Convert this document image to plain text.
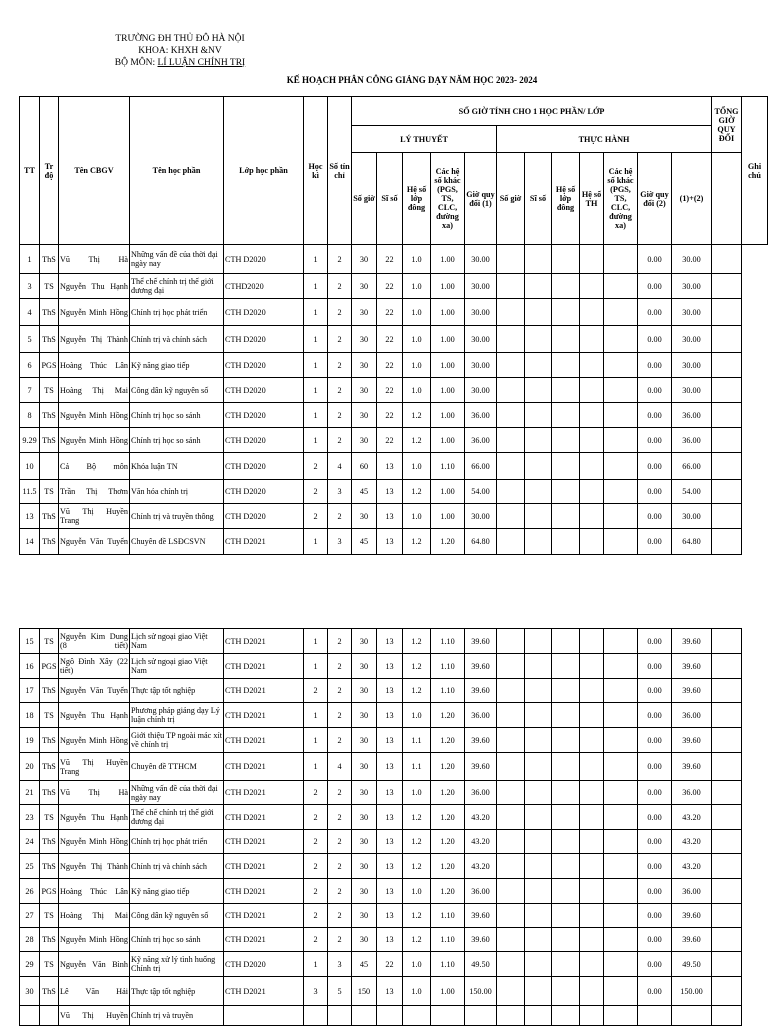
TRƯỜNG ĐH THỦ ĐÔ HÀ NỘI
KHOA: KHXH &NV
BỘ MÔN: LÍ LUẬN CHÍNH TRỊ
KẾ HOẠCH PHÂN CÔNG GIẢNG DẠY NĂM HỌC 2023- 2024
TT	Tr độ	Tên CBGV	Tên học phần	Lớp học phần	Học kì	Số tín chỉ	SỐ GIỜ TÍNH CHO 1 HỌC PHẦN/ LỚP												TỔNG GIỜ QUY ĐỔI	Ghi chú
							LÝ THUYẾT					THỰC HÀNH								
							Số giờ	Sĩ số	Hệ số lớp đông	Các hệ số khác (PGS, TS, CLC, đường xa)	Giờ quy đổi (1)	Số giờ	Sĩ số	Hệ số lớp đông	Hệ số TH	Các hệ số khác (PGS, TS, CLC, đường xa)	Giờ quy đổi (2)	(1)+(2)		
1	ThS	Vũ Thị Hà	Những vấn đề của thời đại ngày nay	CTH D2020	1	2	30	22	1.0	1.00	30.00						0.00	30.00		
3	TS	Nguyễn Thu Hạnh	Thể chế chính trị thế giới đương đại	CTHD2020	1	2	30	22	1.0	1.00	30.00						0.00	30.00		
4	ThS	Nguyễn Minh Hồng	Chính trị học phát triển	CTH D2020	1	2	30	22	1.0	1.00	30.00						0.00	30.00		
5	ThS	Nguyễn Thị Thành	Chính trị và chính sách	CTH D2020	1	2	30	22	1.0	1.00	30.00						0.00	30.00		
6	PGS	Hoàng Thúc Lân	Kỹ năng giao tiếp	CTH D2020	1	2	30	22	1.0	1.00	30.00						0.00	30.00		
7	TS	Hoàng Thị Mai	Công dân kỹ nguyên số	CTH D2020	1	2	30	22	1.0	1.00	30.00						0.00	30.00		
8	ThS	Nguyễn Minh Hồng	Chính trị học so sánh	CTH D2020	1	2	30	22	1.2	1.00	36.00						0.00	36.00		
9.29	ThS	Nguyễn Minh Hồng	Chính trị học so sánh	CTH D2020	1	2	30	22	1.2	1.00	36.00						0.00	36.00		
10		Cả Bộ môn	Khóa luận TN	CTH D2020	2	4	60	13	1.0	1.10	66.00						0.00	66.00		
11.5	TS	Trần Thị Thơm	Văn hóa chính trị	CTH D2020	2	3	45	13	1.2	1.00	54.00						0.00	54.00		
13	ThS	Vũ Thị Huyền Trang	Chính trị và truyền thông	CTH D2020	2	2	30	13	1.0	1.00	30.00						0.00	30.00		
14	ThS	Nguyễn Văn Tuyến	Chuyên đề LSĐCSVN	CTH D2021	1	3	45	13	1.2	1.20	64.80						0.00	64.80		
15	TS	Nguyễn Kim Dung (8 tiết)	Lịch sử ngoại giao Việt Nam	CTH D2021	1	2	30	13	1.2	1.10	39.60						0.00	39.60	
16	PGS	Ngô Đình Xây (22 tiết)	Lịch sử ngoại giao Việt Nam	CTH D2021	1	2	30	13	1.2	1.10	39.60						0.00	39.60	
17	ThS	Nguyễn Văn Tuyến	Thực tập tốt nghiệp	CTH D2021	2	2	30	13	1.2	1.10	39.60						0.00	39.60	
18	TS	Nguyễn Thu Hạnh	Phương pháp giảng dạy Lý luận chính trị	CTH D2021	1	2	30	13	1.0	1.20	36.00						0.00	36.00	
19	ThS	Nguyễn Minh Hồng	Giới thiệu TP ngoài mác xít về chính trị	CTH D2021	1	2	30	13	1.1	1.20	39.60						0.00	39.60	
20	ThS	Vũ Thị Huyền Trang	Chuyên đề TTHCM	CTH D2021	1	4	30	13	1.1	1.20	39.60						0.00	39.60	
21	ThS	Vũ Thị Hà	Những vấn đề của thời đại ngày nay	CTH D2021	2	2	30	13	1.0	1.20	36.00						0.00	36.00	
23	TS	Nguyễn Thu Hạnh	Thể chế chính trị thế giới đương đại	CTH D2021	2	2	30	13	1.2	1.20	43.20						0.00	43.20	
24	ThS	Nguyễn Minh Hồng	Chính trị học phát triển	CTH D2021	2	2	30	13	1.2	1.20	43.20						0.00	43.20	
25	ThS	Nguyễn Thị Thành	Chính trị và chính sách	CTH D2021	2	2	30	13	1.2	1.20	43.20						0.00	43.20	
26	PGS	Hoàng Thúc Lân	Kỹ năng giao tiếp	CTH D2021	2	2	30	13	1.0	1.20	36.00						0.00	36.00	
27	TS	Hoàng Thị Mai	Công dân kỹ nguyên số	CTH D2021	2	2	30	13	1.2	1.10	39.60						0.00	39.60	
28	ThS	Nguyễn Minh Hồng	Chính trị học so sánh	CTH D2021	2	2	30	13	1.2	1.10	39.60						0.00	39.60	
29	TS	Nguyễn Văn Bình	Kỹ năng xử lý tình huống Chính trị	CTH D2020	1	3	45	22	1.0	1.10	49.50						0.00	49.50	
30	ThS	Lê Văn Hải	Thực tập tốt nghiệp	CTH D2021	3	5	150	13	1.0	1.00	150.00						0.00	150.00	
		Vũ Thị Huyền	Chính trị và truyền																
